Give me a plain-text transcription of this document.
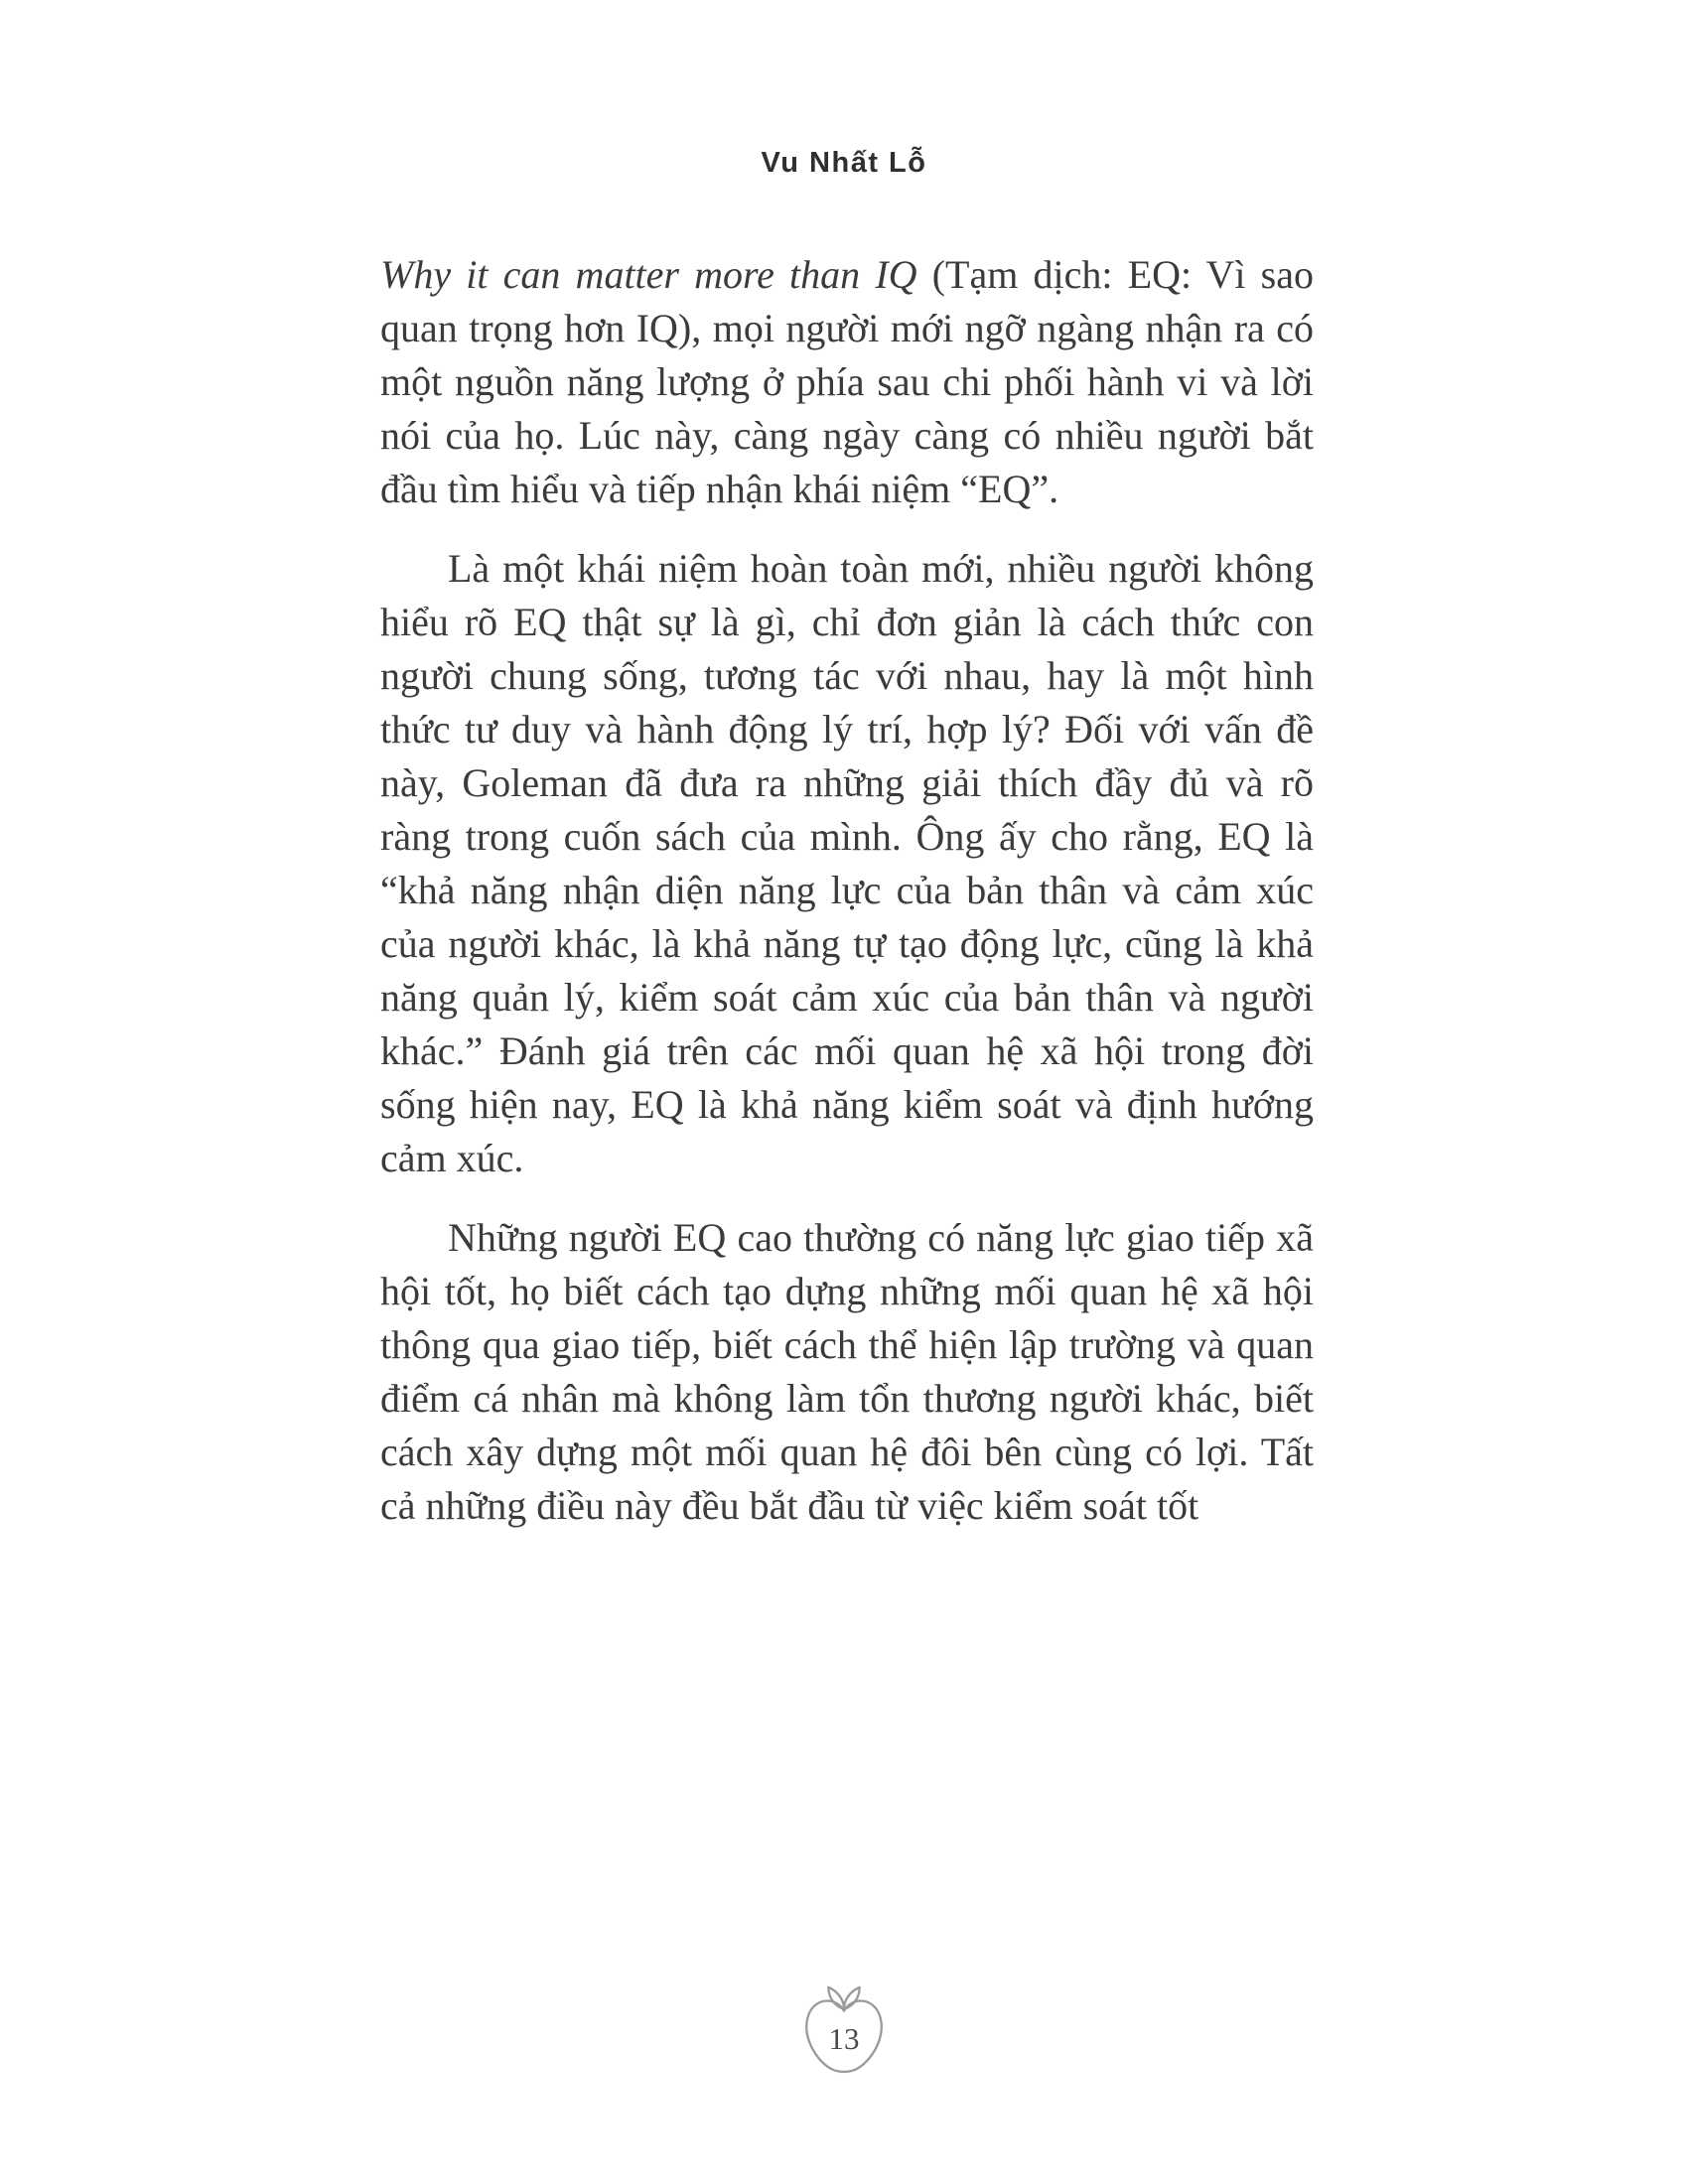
Vu Nhất Lỗ

Why it can matter more than IQ (Tạm dịch: EQ: Vì sao quan trọng hơn IQ), mọi người mới ngỡ ngàng nhận ra có một nguồn năng lượng ở phía sau chi phối hành vi và lời nói của họ. Lúc này, càng ngày càng có nhiều người bắt đầu tìm hiểu và tiếp nhận khái niệm “EQ”.

Là một khái niệm hoàn toàn mới, nhiều người không hiểu rõ EQ thật sự là gì, chỉ đơn giản là cách thức con người chung sống, tương tác với nhau, hay là một hình thức tư duy và hành động lý trí, hợp lý? Đối với vấn đề này, Goleman đã đưa ra những giải thích đầy đủ và rõ ràng trong cuốn sách của mình. Ông ấy cho rằng, EQ là “khả năng nhận diện năng lực của bản thân và cảm xúc của người khác, là khả năng tự tạo động lực, cũng là khả năng quản lý, kiểm soát cảm xúc của bản thân và người khác.” Đánh giá trên các mối quan hệ xã hội trong đời sống hiện nay, EQ là khả năng kiểm soát và định hướng cảm xúc.

Những người EQ cao thường có năng lực giao tiếp xã hội tốt, họ biết cách tạo dựng những mối quan hệ xã hội thông qua giao tiếp, biết cách thể hiện lập trường và quan điểm cá nhân mà không làm tổn thương người khác, biết cách xây dựng một mối quan hệ đôi bên cùng có lợi. Tất cả những điều này đều bắt đầu từ việc kiểm soát tốt

13
